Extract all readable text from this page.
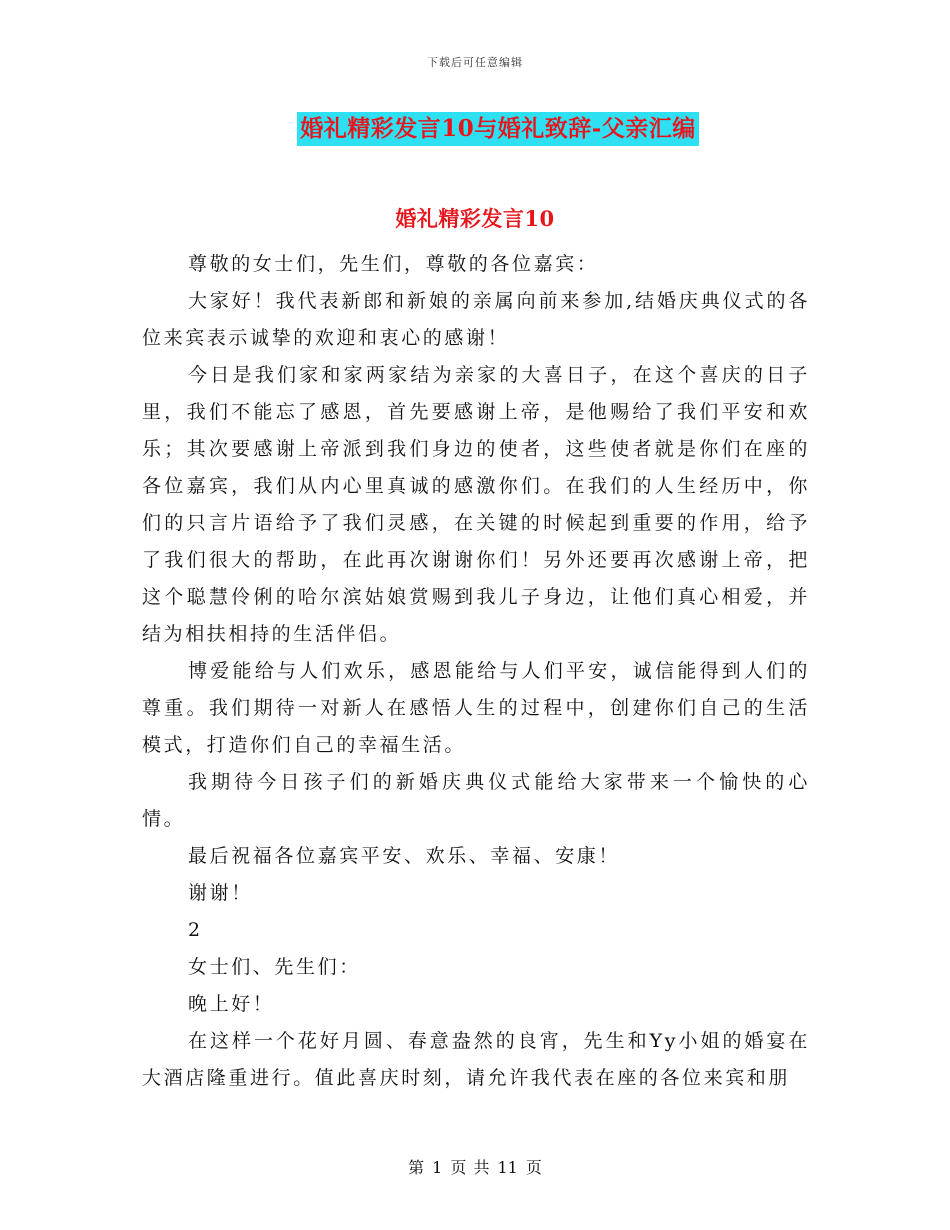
下载后可任意编辑
婚礼精彩发言10与婚礼致辞-父亲汇编
婚礼精彩发言10

尊敬的女士们，先生们，尊敬的各位嘉宾：

大家好！我代表新郎和新娘的亲属向前来参加,结婚庆典仪式的各位来宾表示诚挚的欢迎和衷心的感谢！

今日是我们家和家两家结为亲家的大喜日子，在这个喜庆的日子里，我们不能忘了感恩，首先要感谢上帝，是他赐给了我们平安和欢乐；其次要感谢上帝派到我们身边的使者，这些使者就是你们在座的各位嘉宾，我们从内心里真诚的感激你们。在我们的人生经历中，你们的只言片语给予了我们灵感，在关键的时候起到重要的作用，给予了我们很大的帮助，在此再次谢谢你们！另外还要再次感谢上帝，把这个聪慧伶俐的哈尔滨姑娘赏赐到我儿子身边，让他们真心相爱，并结为相扶相持的生活伴侣。

博爱能给与人们欢乐，感恩能给与人们平安，诚信能得到人们的尊重。我们期待一对新人在感悟人生的过程中，创建你们自己的生活模式，打造你们自己的幸福生活。

我期待今日孩子们的新婚庆典仪式能给大家带来一个愉快的心情。

最后祝福各位嘉宾平安、欢乐、幸福、安康！

谢谢！

2

女士们、先生们：

晚上好！

在这样一个花好月圆、春意盎然的良宵，先生和Yy小姐的婚宴在大酒店隆重进行。值此喜庆时刻，请允许我代表在座的各位来宾和朋

第 1 页 共 11 页
